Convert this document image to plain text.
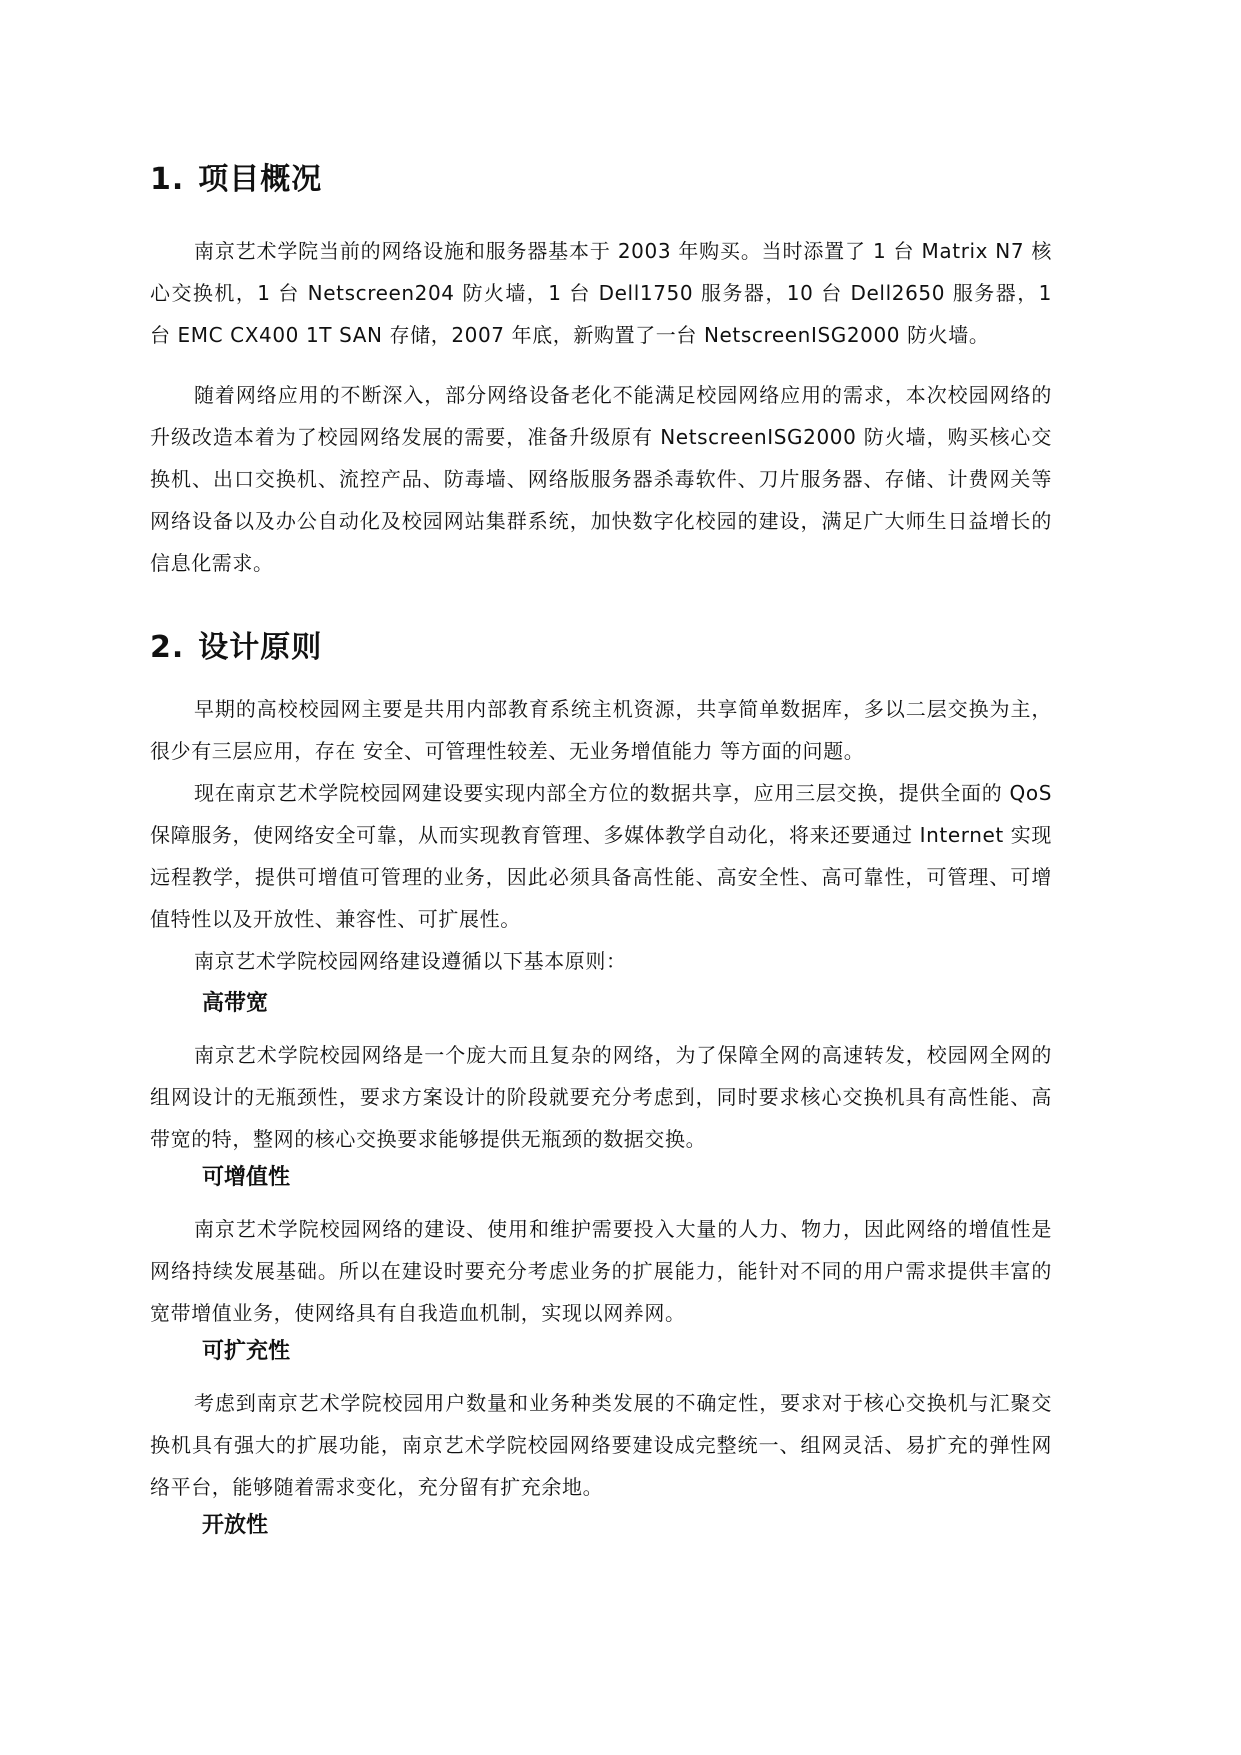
1. 项目概况

南京艺术学院当前的网络设施和服务器基本于 2003 年购买。当时添置了 1 台 Matrix N7 核心交换机，1 台 Netscreen204 防火墙，1 台 Dell1750 服务器，10 台 Dell2650 服务器，1 台 EMC CX400 1T SAN 存储，2007 年底，新购置了一台 NetscreenISG2000 防火墙。

随着网络应用的不断深入，部分网络设备老化不能满足校园网络应用的需求，本次校园网络的升级改造本着为了校园网络发展的需要，准备升级原有 NetscreenISG2000 防火墙，购买核心交换机、出口交换机、流控产品、防毒墙、网络版服务器杀毒软件、刀片服务器、存储、计费网关等网络设备以及办公自动化及校园网站集群系统，加快数字化校园的建设，满足广大师生日益增长的信息化需求。

2. 设计原则

早期的高校校园网主要是共用内部教育系统主机资源，共享简单数据库，多以二层交换为主，很少有三层应用，存在 安全、可管理性较差、无业务增值能力 等方面的问题。

现在南京艺术学院校园网建设要实现内部全方位的数据共享，应用三层交换，提供全面的 QoS 保障服务，使网络安全可靠，从而实现教育管理、多媒体教学自动化，将来还要通过 Internet 实现远程教学，提供可增值可管理的业务，因此必须具备高性能、高安全性、高可靠性，可管理、可增值特性以及开放性、兼容性、可扩展性。

南京艺术学院校园网络建设遵循以下基本原则：

高带宽

南京艺术学院校园网络是一个庞大而且复杂的网络，为了保障全网的高速转发，校园网全网的组网设计的无瓶颈性，要求方案设计的阶段就要充分考虑到，同时要求核心交换机具有高性能、高带宽的特，整网的核心交换要求能够提供无瓶颈的数据交换。

可增值性

南京艺术学院校园网络的建设、使用和维护需要投入大量的人力、物力，因此网络的增值性是网络持续发展基础。所以在建设时要充分考虑业务的扩展能力，能针对不同的用户需求提供丰富的宽带增值业务，使网络具有自我造血机制，实现以网养网。

可扩充性

考虑到南京艺术学院校园用户数量和业务种类发展的不确定性，要求对于核心交换机与汇聚交换机具有强大的扩展功能，南京艺术学院校园网络要建设成完整统一、组网灵活、易扩充的弹性网络平台，能够随着需求变化，充分留有扩充余地。

开放性
